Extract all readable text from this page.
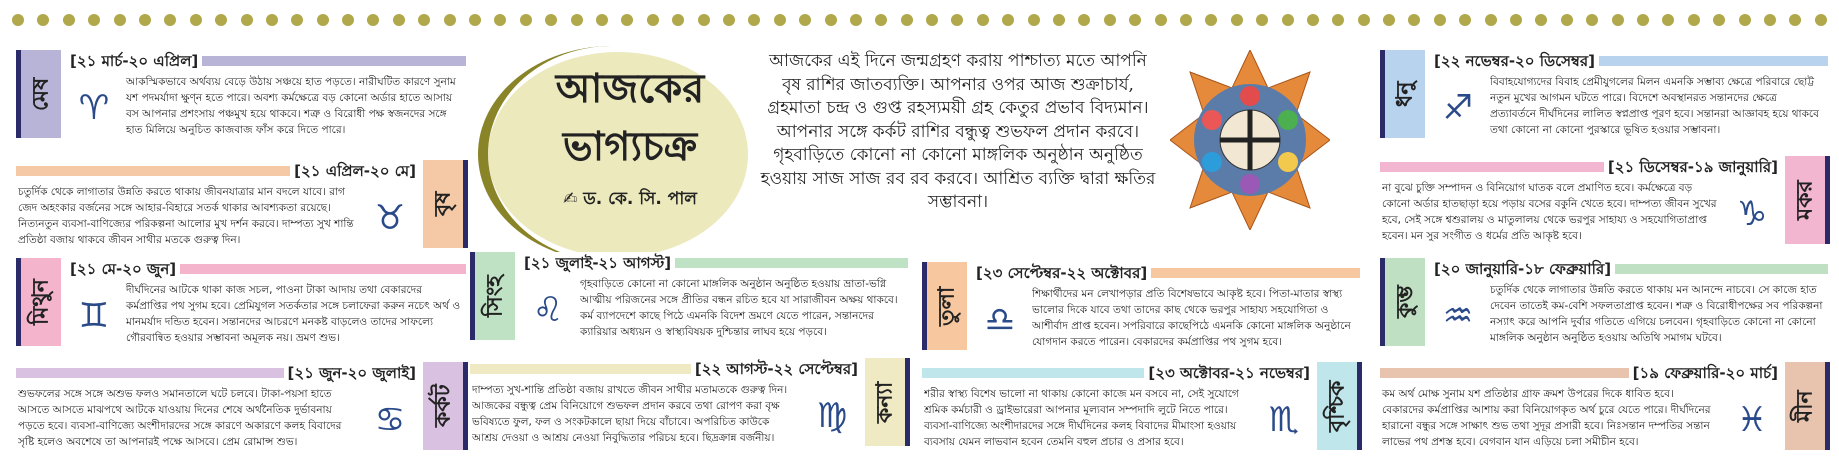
আজকের
ভাগ্যচক্র
✍ ড. কে. সি. পাল
আজকের এই দিনে জন্মগ্রহণ করায় পাশ্চাত্য মতে আপনি বৃষ রাশির জাতব্যক্তি। আপনার ওপর আজ শুক্রাচার্য, গ্রহমাতা চন্দ্র ও গুপ্ত রহস্যময়ী গ্রহ কেতুর প্রভাব বিদ্যমান। আপনার সঙ্গে কর্কট রাশির বন্ধুত্ব শুভফল প্রদান করবে। গৃহবাড়িতে কোনো না কোনো মাঙ্গলিক অনুষ্ঠান অনুষ্ঠিত হওয়ায় সাজ সাজ রব রব করবে। আশ্রিত ব্যক্তি দ্বারা ক্ষতির সম্ভাবনা।
মেষ
[২১ মার্চ-২০ এপ্রিল]
♈
আকস্মিকভাবে অর্থব্যয় বেড়ে উঠায় সঞ্চয়ে হাত পড়তে। নারীঘটিত কারণে সুনাম যশ পদমর্যাদা ক্ষুণ্ন হতে পারে। অবশ্য কর্মক্ষেত্রে বড় কোনো অর্ডার হাতে আসায় বস আপনার প্রশংসায় পঞ্চমুখ হয়ে থাকবে। শত্রু ও বিরোধী পক্ষ স্বজনদের সঙ্গে হাত মিলিয়ে অনুচিত কাজবাজ ফাঁস করে দিতে পারে।
বৃষ
[২১ এপ্রিল-২০ মে]
♉
চতুর্দিক থেকে লাগাতার উন্নতি করতে থাকায় জীবনযাত্রার মান বদলে যাবে। রাগ জেদ অহংকার বর্জনের সঙ্গে আহার-বিহারে সতর্ক থাকার আবশ্যকতা রয়েছে। নিত্যনতুন ব্যবসা-বাণিজ্যের পরিকল্পনা আলোর মুখ দর্শন করবে। দাম্পত্য সুখ শান্তি প্রতিষ্ঠা বজায় থাকবে জীবন সাথীর মতকে গুরুত্ব দিন।
মিথুন
[২১ মে-২০ জুন]
♊
দীর্ঘদিনের আটকে থাকা কাজ সচল, পাওনা টাকা আদায় তথা বেকারদের কর্মপ্রাপ্তির পথ সুগম হবে। প্রেমিযুগল সতর্কতার সঙ্গে চলাফেরা করুন নচেৎ অর্থ ও মানমর্যাদ দন্ডিত হবেন। সন্তানদের আচরণে মনকষ্ট বাড়লেও তাদের সাফল্যে গৌরবান্বিত হওয়ার সম্ভাবনা অমূলক নয়। ভ্রমণ শুভ।
কর্কট
[২১ জুন-২০ জুলাই]
♋
শুভফলের সঙ্গে সঙ্গে অশুভ ফলও সমানতালে ঘটে চলবে। টাকা-পয়সা হাতে আসতে আসতে মাঝপথে আটকে যাওয়ায় দিনের শেষে অর্থনৈতিক দুর্ভাবনায় পড়তে হবে। ব্যবসা-বাণিজ্যে অংশীদারদের সঙ্গে কারণে অকারণে কলহ বিবাদের সৃষ্টি হলেও অবশেষে তা আপনারই পক্ষে আসবে। প্রেম রোমান্স শুভ।
সিংহ
[২১ জুলাই-২১ আগস্ট]
♌
গৃহবাড়িতে কোনো না কোনো মাঙ্গলিক অনুষ্ঠান অনুষ্ঠিত হওয়ায় ভ্রাতা-ভগ্নি আত্মীয় পরিজনের সঙ্গে প্রীতির বন্ধন রচিত হবে যা সারাজীবন অক্ষয় থাকবে। কর্ম ব্যাপদেশে কাছে পিঠে এমনকি বিদেশ ভ্রমণে যেতে পারেন, সন্তানদের ক্যারিয়ার অধ্যয়ন ও স্বাস্থ্যবিষয়ক দুশ্চিন্তার লাঘব হয়ে পড়বে।
কন্যা
[২২ আগস্ট-২২ সেপ্টেম্বর]
♍
দাম্পত্য সুখ-শান্তি প্রতিষ্ঠা বজায় রাখতে জীবন সাথীর মতামতকে গুরুত্ব দিন। আজকের বন্ধুত্ব প্রেম বিনিয়োগে শুভফল প্রদান করবে তথা রোপণ করা বৃক্ষ ভবিষ্যতে ফুল, ফল ও সংকটকালে ছায়া দিয়ে বাঁচাবে। অপরিচিত কাউকে আশ্রয় দেওয়া ও আশ্রয় নেওয়া নিবুদ্ধিতার পরিচয় হবে। ছিদ্রক্রান্ন বর্জনীয়।
তুলা
[২৩ সেপ্টেম্বর-২২ অক্টোবর]
♎
শিক্ষার্থীদের মন লেখাপড়ার প্রতি বিশেষভাবে আকৃষ্ট হবে। পিতা-মাতার স্বাস্থ্য ভালোর দিকে যাবে তথা তাদের কাছ থেকে ভরপুর সাহায্য সহযোগিতা ও আশীর্বাদ প্রাপ্ত হবেন। সপরিবারে কাছেপিঠে এমনকি কোনো মাঙ্গলিক অনুষ্ঠানে যোগদান করতে পারেন। বেকারদের কর্মপ্রাপ্তির পথ সুগম হবে।
বৃশ্চিক
[২৩ অক্টোবর-২১ নভেম্বর]
♏
শরীর স্বাস্থ্য বিশেষ ভালো না থাকায় কোনো কাজে মন বসবে না, সেই সুযোগে শ্রমিক কর্মচারী ও ড্রাইভারেরা আপনার মূল্যবান সম্পদাদি লুটে নিতে পারে। ব্যবসা-বাণিজ্যে অংশীদারদের সঙ্গে দীর্ঘদিনের কলহ বিবাদের মীমাংসা হওয়ায় ব্যবসায় যেমন লাভবান হবেন তেমনি বহুল প্রচার ও প্রসার হবে।
ধনু
[২২ নভেম্বর-২০ ডিসেম্বর]
♐
বিবাহযোগ্যদের বিবাহ প্রেমীযুগলের মিলন এমনকি সম্ভাব্য ক্ষেত্রে পরিবারে ছোট্ট নতুন মুখের আগমন ঘটতে পারে। বিদেশে অবস্থানরত সন্তানদের ক্ষেত্রে প্রত্যাবর্তনে দীর্ঘদিনের লালিত স্বপ্নপ্রাপ্ত পূরণ হবে। সন্তানরা আজ্ঞাবহ হয়ে থাকবে তথা কোনো না কোনো পুরস্কারে ভূষিত হওয়ার সম্ভাবনা।
মকর
[২১ ডিসেম্বর-১৯ জানুয়ারি]
♑
না বুঝে চুক্তি সম্পাদন ও বিনিয়োগ ঘাতক বলে প্রমাণিত হবে। কর্মক্ষেত্রে বড় কোনো অর্ডার হাতছাড়া হয়ে পড়ায় বসের বকুনি খেতে হবে। দাম্পত্য জীবন সুখের হবে, সেই সঙ্গে শ্বশুরালয় ও মাতুলালয় থেকে ভরপুর সাহায্য ও সহযোগিতাপ্রাপ্ত হবেন। মন সুর সংগীত ও ধর্মের প্রতি আকৃষ্ট হবে।
কুম্ভ
[২০ জানুয়ারি-১৮ ফেব্রুয়ারি]
♒
চতুর্দিক থেকে লাগাতার উন্নতি করতে থাকায় মন আনন্দে নাচবে। সে কাজে হাত দেবেন তাতেই কম-বেশি সফলতাপ্রাপ্ত হবেন। শত্রু ও বিরোধীপক্ষের সব পরিকল্পনা নস্যাৎ করে আপনি দুর্বার গতিতে এগিয়ে চলবেন। গৃহবাড়িতে কোনো না কোনো মাঙ্গলিক অনুষ্ঠান অনুষ্ঠিত হওয়ায় অতিথি সমাগম ঘটবে।
মীন
[১৯ ফেব্রুয়ারি-২০ মার্চ]
♓
কম অর্থ মোক্ষ সুনাম যশ প্রতিষ্ঠার গ্রাফ ক্রমশ উপরের দিকে ধাবিত হবে। বেকারদের কর্মপ্রাপ্তির আশায় করা বিনিয়োগকৃত অর্থ চুরে যেতে পারে। দীর্ঘদিনের হারানো বন্ধুর সঙ্গে সাক্ষাৎ শুভ তথা সুদূর প্রসারী হবে। নিঃসন্তান দম্পতির সন্তান লাভের পথ প্রশস্ত হবে। বেগবান যান এড়িয়ে চলা সমীচীন হবে।
